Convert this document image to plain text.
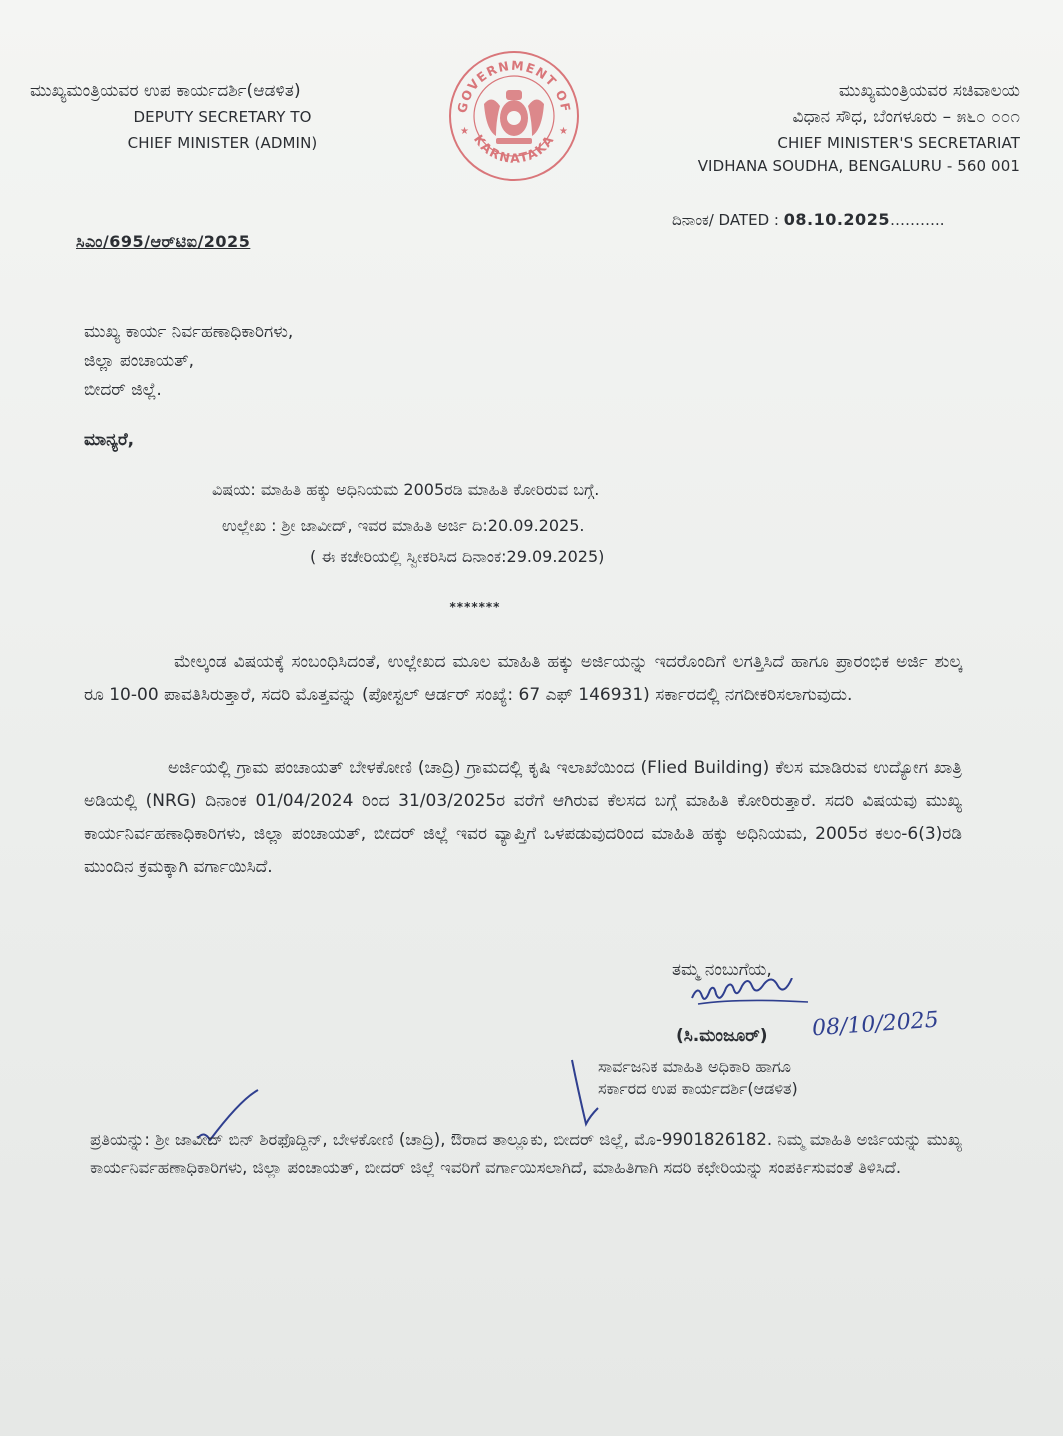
ಮುಖ್ಯಮಂತ್ರಿಯವರ ಉಪ ಕಾರ್ಯದರ್ಶಿ(ಆಡಳಿತ)
DEPUTY SECRETARY TO
CHIEF MINISTER (ADMIN)
GOVERNMENT OF
KARNATAKA
★	★
ಮುಖ್ಯಮಂತ್ರಿಯವರ ಸಚಿವಾಲಯ
ವಿಧಾನ ಸೌಧ, ಬೆಂಗಳೂರು – ೫೬೦ ೦೦೧
CHIEF MINISTER'S SECRETARIAT
VIDHANA SOUDHA, BENGALURU - 560 001
ದಿನಾಂಕ/ DATED : 08.10.2025………..
ಸಿಎಂ/695/ಆರ್‌ಟಿಐ/2025
ಮುಖ್ಯ ಕಾರ್ಯ ನಿರ್ವಹಣಾಧಿಕಾರಿಗಳು,
ಜಿಲ್ಲಾ ಪಂಚಾಯತ್,
ಬೀದರ್ ಜಿಲ್ಲೆ.
ಮಾನ್ಯರೆ,
ವಿಷಯ: ಮಾಹಿತಿ ಹಕ್ಕು ಅಧಿನಿಯಮ 2005ರಡಿ ಮಾಹಿತಿ ಕೋರಿರುವ ಬಗ್ಗೆ.
ಉಲ್ಲೇಖ : ಶ್ರೀ ಜಾವೀದ್, ಇವರ ಮಾಹಿತಿ ಅರ್ಜಿ ದಿ:20.09.2025.
( ಈ ಕಚೇರಿಯಲ್ಲಿ ಸ್ವೀಕರಿಸಿದ ದಿನಾಂಕ:29.09.2025)
*******
ಮೇಲ್ಕಂಡ ವಿಷಯಕ್ಕೆ ಸಂಬಂಧಿಸಿದಂತೆ, ಉಲ್ಲೇಖದ ಮೂಲ ಮಾಹಿತಿ ಹಕ್ಕು ಅರ್ಜಿಯನ್ನು ಇದರೊಂದಿಗೆ ಲಗತ್ತಿಸಿದೆ ಹಾಗೂ ಪ್ರಾರಂಭಿಕ ಅರ್ಜಿ ಶುಲ್ಕ ರೂ 10-00 ಪಾವತಿಸಿರುತ್ತಾರೆ, ಸದರಿ ಮೊತ್ತವನ್ನು (ಪೋಸ್ಟಲ್ ಆರ್ಡರ್ ಸಂಖ್ಯೆ: 67 ಎಫ್ 146931) ಸರ್ಕಾರದಲ್ಲಿ ನಗದೀಕರಿಸಲಾಗುವುದು.
ಅರ್ಜಿಯಲ್ಲಿ ಗ್ರಾಮ ಪಂಚಾಯತ್ ಬೇಳಕೋಣಿ (ಚಾದ್ರಿ) ಗ್ರಾಮದಲ್ಲಿ ಕೃಷಿ ಇಲಾಖೆಯಿಂದ (Flied Building) ಕೆಲಸ ಮಾಡಿರುವ ಉದ್ಯೋಗ ಖಾತ್ರಿ ಅಡಿಯಲ್ಲಿ (NRG) ದಿನಾಂಕ 01/04/2024 ರಿಂದ 31/03/2025ರ ವರೆಗೆ ಆಗಿರುವ ಕೆಲಸದ ಬಗ್ಗೆ ಮಾಹಿತಿ ಕೋರಿರುತ್ತಾರೆ. ಸದರಿ ವಿಷಯವು ಮುಖ್ಯ ಕಾರ್ಯನಿರ್ವಹಣಾಧಿಕಾರಿಗಳು, ಜಿಲ್ಲಾ ಪಂಚಾಯತ್, ಬೀದರ್ ಜಿಲ್ಲೆ ಇವರ ವ್ಯಾಪ್ತಿಗೆ ಒಳಪಡುವುದರಿಂದ ಮಾಹಿತಿ ಹಕ್ಕು ಅಧಿನಿಯಮ, 2005ರ ಕಲಂ-6(3)ರಡಿ ಮುಂದಿನ ಕ್ರಮಕ್ಕಾಗಿ ವರ್ಗಾಯಿಸಿದೆ.
ತಮ್ಮ ನಂಬುಗೆಯ,
(ಸಿ.ಮಂಜೂರ್) 08/10/2025
ಸಾರ್ವಜನಿಕ ಮಾಹಿತಿ ಅಧಿಕಾರಿ ಹಾಗೂ
ಸರ್ಕಾರದ ಉಪ ಕಾರ್ಯದರ್ಶಿ(ಆಡಳಿತ)
ಪ್ರತಿಯನ್ನು: ಶ್ರೀ ಜಾವೀದ್ ಬಿನ್ ಶಿರಫೊದ್ದಿನ್, ಬೇಳಕೋಣಿ (ಚಾದ್ರಿ), ಔರಾದ ತಾಲ್ಲೂಕು, ಬೀದರ್ ಜಿಲ್ಲೆ, ಮೊ-9901826182. ನಿಮ್ಮ ಮಾಹಿತಿ ಅರ್ಜಿಯನ್ನು ಮುಖ್ಯ ಕಾರ್ಯನಿರ್ವಹಣಾಧಿಕಾರಿಗಳು, ಜಿಲ್ಲಾ ಪಂಚಾಯತ್, ಬೀದರ್ ಜಿಲ್ಲೆ ಇವರಿಗೆ ವರ್ಗಾಯಿಸಲಾಗಿದೆ, ಮಾಹಿತಿಗಾಗಿ ಸದರಿ ಕಛೇರಿಯನ್ನು ಸಂಪರ್ಕಿಸುವಂತೆ ತಿಳಿಸಿದೆ.
